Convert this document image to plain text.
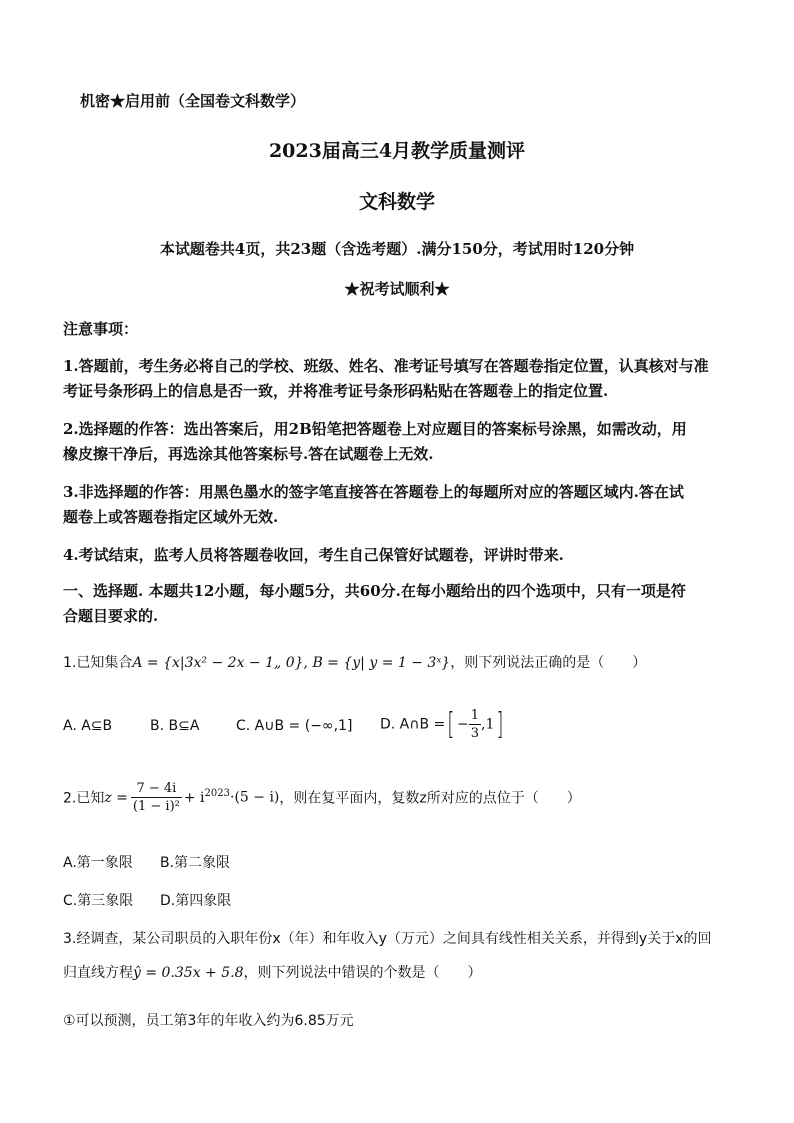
机密★启用前（全国卷文科数学）
2023届高三4月教学质量测评
文科数学
本试题卷共4页，共23题（含选考题）.满分150分，考试用时120分钟
★祝考试顺利★
注意事项：
1.答题前，考生务必将自己的学校、班级、姓名、准考证号填写在答题卷指定位置，认真核对与准
考证号条形码上的信息是否一致，并将准考证号条形码粘贴在答题卷上的指定位置.
2.选择题的作答：选出答案后，用2B铅笔把答题卷上对应题目的答案标号涂黑，如需改动，用
橡皮擦干净后，再选涂其他答案标号.答在试题卷上无效.
3.非选择题的作答：用黑色墨水的签字笔直接答在答题卷上的每题所对应的答题区域内.答在试
题卷上或答题卷指定区域外无效.
4.考试结束，监考人员将答题卷收回，考生自己保管好试题卷，评讲时带来.
一、选择题. 本题共12小题，每小题5分，共60分.在每小题给出的四个选项中，只有一项是符
合题目要求的.
1.已知集合A = {x|3x² − 2x − 1„ 0}, B = {y| y = 1 − 3ˣ}，则下列说法正确的是（　　）
A. A⊆B	B. B⊆A	C. A∪B = (−∞,1] D. A∩B =[ − $\frac{1}{3} ,1$]
2.已知$z = \frac{7 - 4i}{\text{(1 − i)²}} + i^{2023}\cdot(5 - i)$，则在复平面内，复数z所对应的点位于（　　）
A.第一象限 B.第二象限
C.第三象限 D.第四象限
3.经调查，某公司职员的入职年份x（年）和年收入y（万元）之间具有线性相关关系，并得到y关于x的回
归直线方程ŷ = 0.35x + 5.8，则下列说法中错误的个数是（　　）
①可以预测，员工第3年的年收入约为6.85万元
